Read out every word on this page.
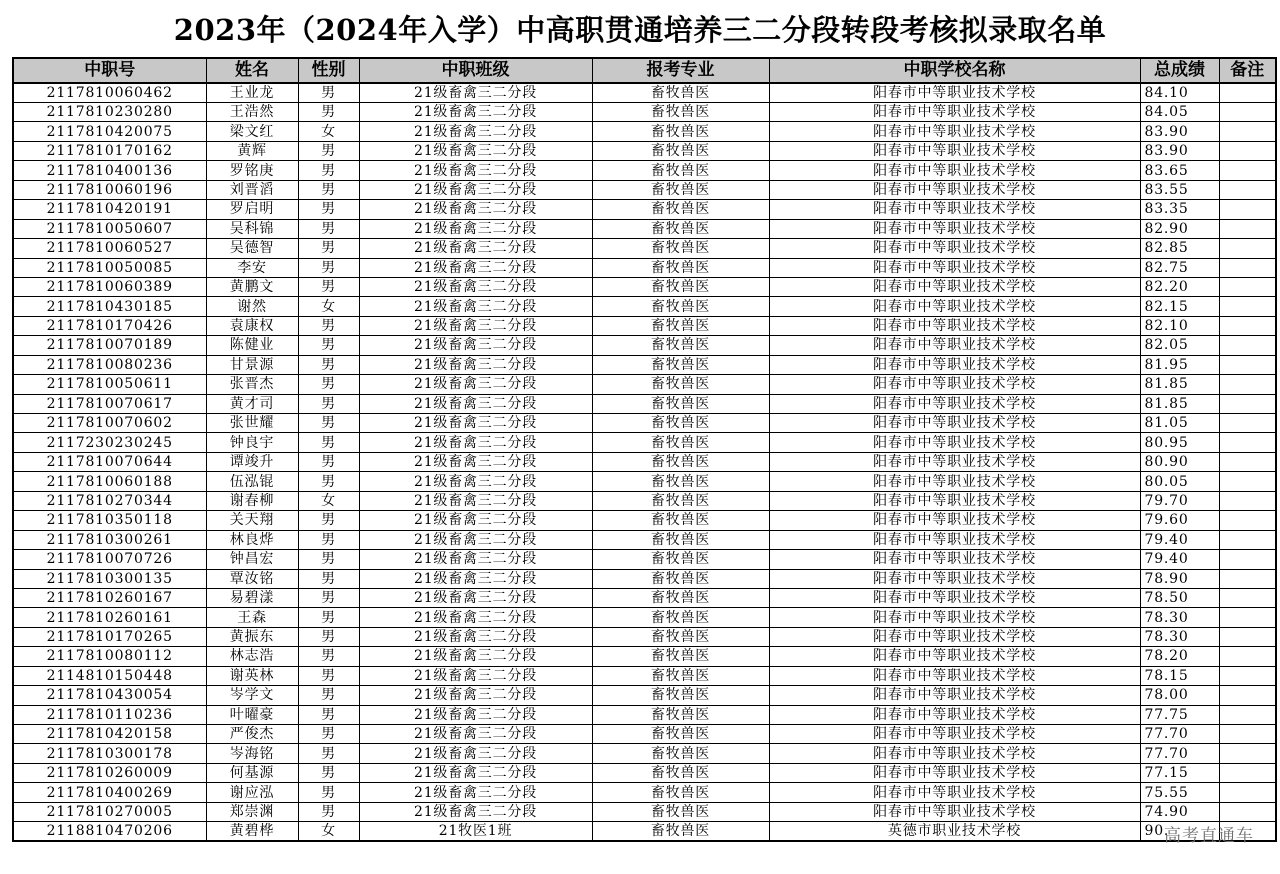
2023年（2024年入学）中高职贯通培养三二分段转段考核拟录取名单
中职号	姓名	性别	中职班级	报考专业	中职学校名称	总成绩	备注
2117810060462	王业龙	男	21级畜禽三二分段	畜牧兽医	阳春市中等职业技术学校	84.10	
2117810230280	王浩然	男	21级畜禽三二分段	畜牧兽医	阳春市中等职业技术学校	84.05	
2117810420075	梁文红	女	21级畜禽三二分段	畜牧兽医	阳春市中等职业技术学校	83.90	
2117810170162	黄辉	男	21级畜禽三二分段	畜牧兽医	阳春市中等职业技术学校	83.90	
2117810400136	罗铭庚	男	21级畜禽三二分段	畜牧兽医	阳春市中等职业技术学校	83.65	
2117810060196	刘晋滔	男	21级畜禽三二分段	畜牧兽医	阳春市中等职业技术学校	83.55	
2117810420191	罗启明	男	21级畜禽三二分段	畜牧兽医	阳春市中等职业技术学校	83.35	
2117810050607	吴科锦	男	21级畜禽三二分段	畜牧兽医	阳春市中等职业技术学校	82.90	
2117810060527	吴德智	男	21级畜禽三二分段	畜牧兽医	阳春市中等职业技术学校	82.85	
2117810050085	李安	男	21级畜禽三二分段	畜牧兽医	阳春市中等职业技术学校	82.75	
2117810060389	黄鹏文	男	21级畜禽三二分段	畜牧兽医	阳春市中等职业技术学校	82.20	
2117810430185	谢然	女	21级畜禽三二分段	畜牧兽医	阳春市中等职业技术学校	82.15	
2117810170426	袁康权	男	21级畜禽三二分段	畜牧兽医	阳春市中等职业技术学校	82.10	
2117810070189	陈健业	男	21级畜禽三二分段	畜牧兽医	阳春市中等职业技术学校	82.05	
2117810080236	甘景源	男	21级畜禽三二分段	畜牧兽医	阳春市中等职业技术学校	81.95	
2117810050611	张晋杰	男	21级畜禽三二分段	畜牧兽医	阳春市中等职业技术学校	81.85	
2117810070617	黄才司	男	21级畜禽三二分段	畜牧兽医	阳春市中等职业技术学校	81.85	
2117810070602	张世耀	男	21级畜禽三二分段	畜牧兽医	阳春市中等职业技术学校	81.05	
2117230230245	钟良宇	男	21级畜禽三二分段	畜牧兽医	阳春市中等职业技术学校	80.95	
2117810070644	谭竣升	男	21级畜禽三二分段	畜牧兽医	阳春市中等职业技术学校	80.90	
2117810060188	伍泓锟	男	21级畜禽三二分段	畜牧兽医	阳春市中等职业技术学校	80.05	
2117810270344	谢春柳	女	21级畜禽三二分段	畜牧兽医	阳春市中等职业技术学校	79.70	
2117810350118	关天翔	男	21级畜禽三二分段	畜牧兽医	阳春市中等职业技术学校	79.60	
2117810300261	林良烨	男	21级畜禽三二分段	畜牧兽医	阳春市中等职业技术学校	79.40	
2117810070726	钟昌宏	男	21级畜禽三二分段	畜牧兽医	阳春市中等职业技术学校	79.40	
2117810300135	覃汝铭	男	21级畜禽三二分段	畜牧兽医	阳春市中等职业技术学校	78.90	
2117810260167	易碧漾	男	21级畜禽三二分段	畜牧兽医	阳春市中等职业技术学校	78.50	
2117810260161	王森	男	21级畜禽三二分段	畜牧兽医	阳春市中等职业技术学校	78.30	
2117810170265	黄振东	男	21级畜禽三二分段	畜牧兽医	阳春市中等职业技术学校	78.30	
2117810080112	林志浩	男	21级畜禽三二分段	畜牧兽医	阳春市中等职业技术学校	78.20	
2114810150448	谢英林	男	21级畜禽三二分段	畜牧兽医	阳春市中等职业技术学校	78.15	
2117810430054	岑学文	男	21级畜禽三二分段	畜牧兽医	阳春市中等职业技术学校	78.00	
2117810110236	叶曜豪	男	21级畜禽三二分段	畜牧兽医	阳春市中等职业技术学校	77.75	
2117810420158	严俊杰	男	21级畜禽三二分段	畜牧兽医	阳春市中等职业技术学校	77.70	
2117810300178	岑海铭	男	21级畜禽三二分段	畜牧兽医	阳春市中等职业技术学校	77.70	
2117810260009	何基源	男	21级畜禽三二分段	畜牧兽医	阳春市中等职业技术学校	77.15	
2117810400269	谢应泓	男	21级畜禽三二分段	畜牧兽医	阳春市中等职业技术学校	75.55	
2117810270005	郑崇渊	男	21级畜禽三二分段	畜牧兽医	阳春市中等职业技术学校	74.90	
2118810470206	黄碧桦	女	21牧医1班	畜牧兽医	英德市职业技术学校	90.	
高考直通车
